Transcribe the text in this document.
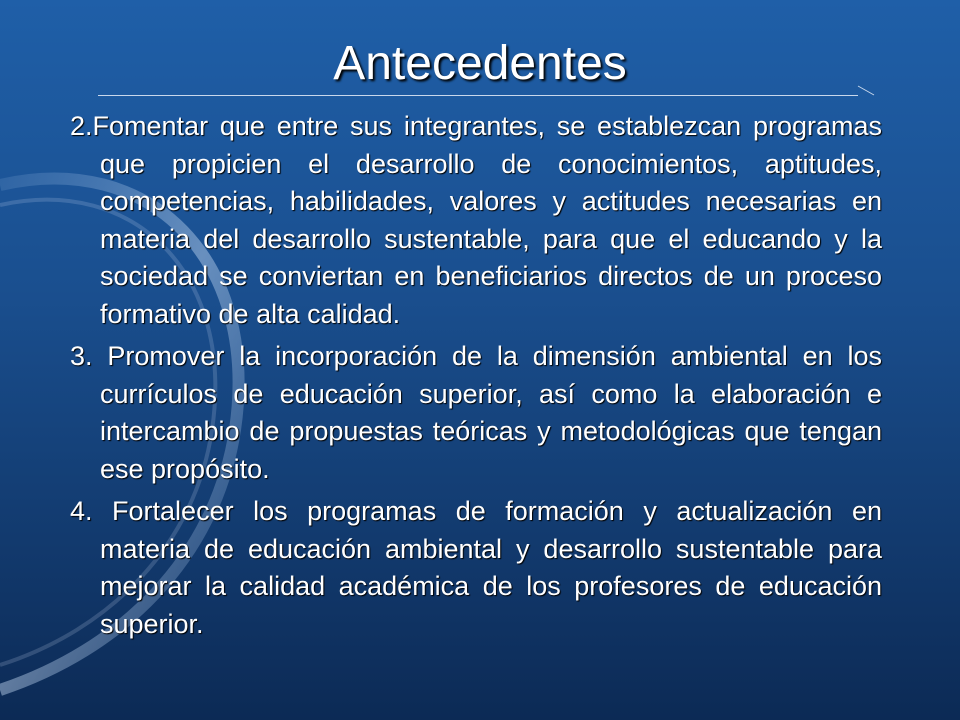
Antecedentes

2.Fomentar que entre sus integrantes, se establezcan programas que propicien el desarrollo de conocimientos, aptitudes, competencias, habilidades, valores y actitudes necesarias en materia del desarrollo sustentable, para que el educando y la sociedad se conviertan en beneficiarios directos de un proceso formativo de alta calidad.

3. Promover la incorporación de la dimensión ambiental en los currículos de educación superior, así como la elaboración e intercambio de propuestas teóricas y metodológicas que tengan ese propósito.

4. Fortalecer los programas de formación y actualización en materia de educación ambiental y desarrollo sustentable para mejorar la calidad académica de los profesores de educación superior.
